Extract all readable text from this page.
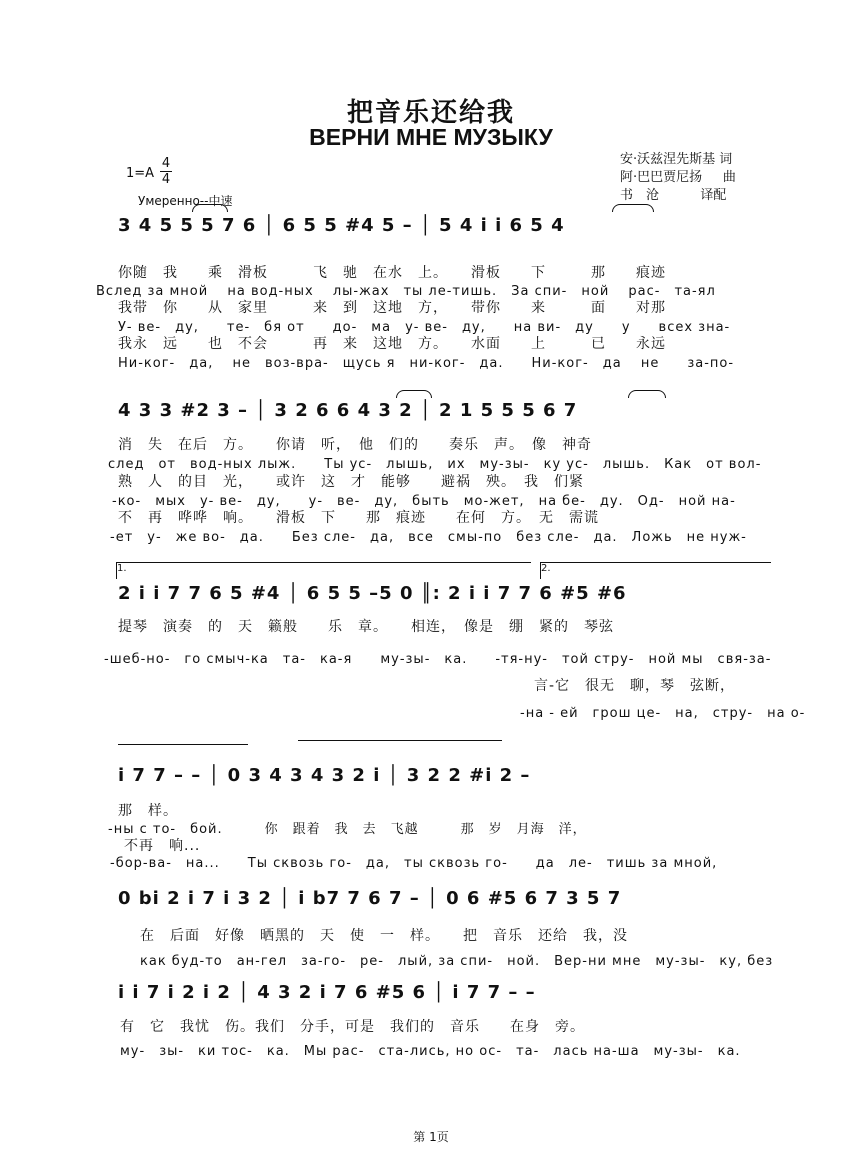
把音乐还给我
ВЕРНИ МНЕ МУЗЫКУ
安·沃兹涅先斯基 词
阿·巴巴贾尼扬 曲
书　沧	译配
$1=A \frac{4}{4}$
Умеренно--中速
3 4 5 5 5 7 6 │ 6 5 5 #4 5 – │ 5 4 i i 6 5 4
你随　我　　乘　滑板　　　飞　驰　在水　上。　　滑板　　下　　　那　　痕迹
Вслед за мной　 на вод-ных　 лы-жах　ты ле-тишь.　За спи-　ной　 рас-　та-ял
我带　你　　从　家里　　　来　到　这地　方，　　带你　　来　　　面　　对那
У- ве-　ду,　　те-　бя от　　до-　ма　у- ве-　ду,　　на ви-　ду　　у　　всех зна-
我永　远　　也　不会　　　再　来　这地　方。　　水面　　上　　　已　　永远
Ни-ког-　да,　 не　воз-вра-　щусь я　ни-ког-　да.　　Ни-ког-　да　 не　　за-по-
4 3 3 #2 3 – │ 3 2 6 6 4 3 2 │ 2 1 5 5 5 6 7
消　失　在后　方。　　你请　听，　他　们的　　奏乐　声。　像　神奇
след　от　вод-ных лыж.　　Ты ус-　лышь,　их　му-зы-　ку ус-　лышь.　Как　от вол-
熟　人　的目　光，　　或许　这　才　能够　　避祸　殃。　我　们紧
-ко-　мых　у- ве-　ду,　　у-　ве-　ду,　быть　мо-жет,　на бе-　ду.　Од-　ной на-
不　再　哗哗　响。　　滑板　下　　那　痕迹　　在何　方。　无　需谎
-ет　у-　же во-　да.　　Без сле-　да,　все　смы-по　без сле-　да.　Ложь　не нуж-
1.	2.
2 i i 7 7 6 5 #4 │ 6 5 5 –5 0 ║: 2 i i 7 7 6 #5 #6
提琴　演奏　的　天　籁般　　乐　章。　　相连，　像是　绷　紧的　琴弦
-шеб-но-　го смыч-ка　та-　ка-я　　му-зы-　ка.　　-тя-ну-　той стру-　ной мы　свя-за-
言-它　很无　聊，琴　弦断，
-на - ей　грош це-　на,　стру-　на о-
i 7 7 – – │ 0 3 4 3 4 3 2 i │ 3 2 2 #i 2 –
那　样。
-ны с то-　бой.　　　你　跟着　我　去　飞越　　　那　岁　月海　洋，
不再　响...
-бор-ва-　на...　　Ты сквозь го-　да,　ты сквозь го-　　да　ле-　тишь за мной,
0 bi 2 i 7 i 3 2 │ i b7 7 6 7 – │ 0 6 #5 6 7 3 5 7
在　后面　好像　晒黑的　天　使　一　样。　　把　音乐　还给　我，没
как буд-то　ан-гел　за-го-　ре-　лый, за спи-　ной.　Вер-ни мне　му-зы-　ку, без
i i 7 i 2 i 2 │ 4 3 2 i 7 6 #5 6 │ i 7 7 – –
有　它　我忧　伤。我们　分手，可是　我们的　音乐　　在身　旁。
му-　зы-　ки тос-　ка.　Мы рас-　ста-лись, но ос-　та-　лась на-ша　му-зы-　ка.
第 1页
